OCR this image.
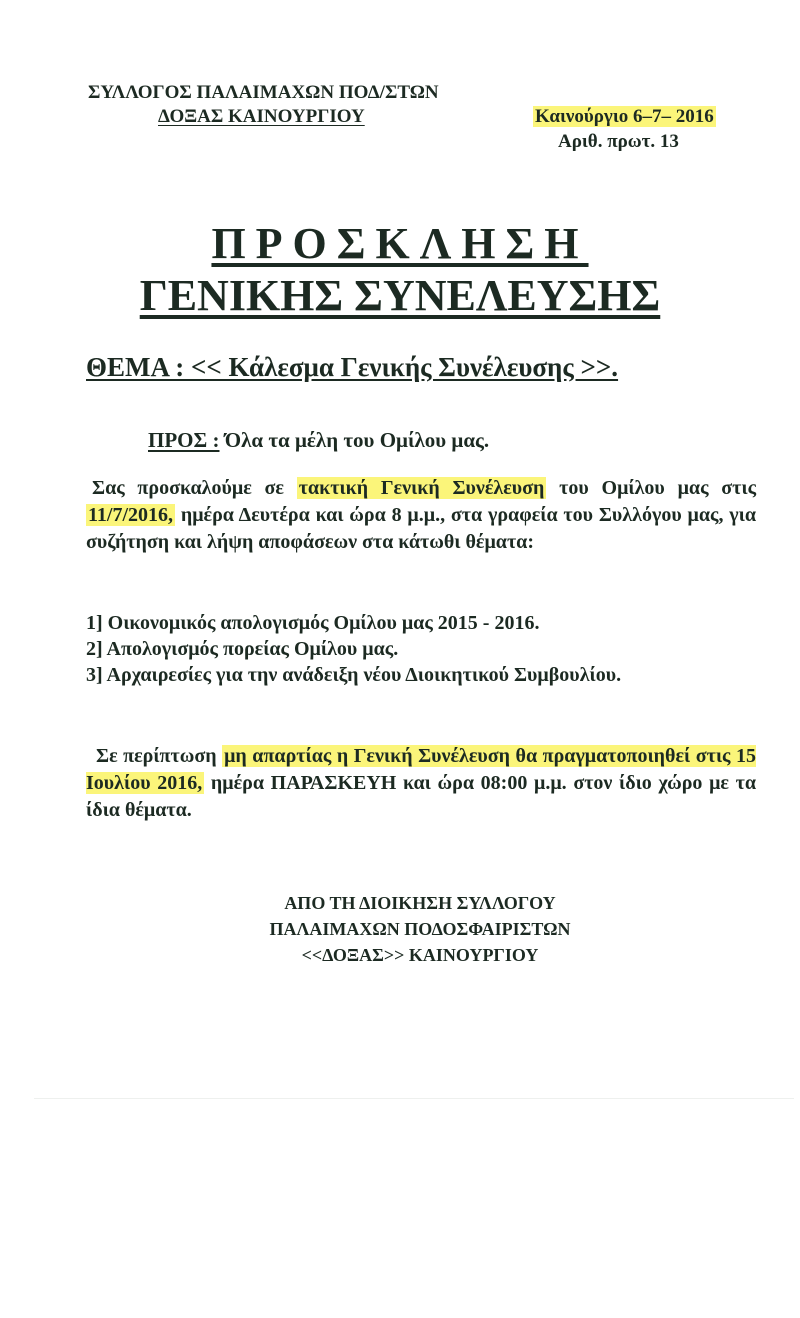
ΣΥΛΛΟΓΟΣ ΠΑΛΑΙΜΑΧΩΝ ΠΟΔ/ΣΤΩΝ
ΔΟΞΑΣ ΚΑΙΝΟΥΡΓΙΟΥ	Καινούργιο 6–7– 2016
Αριθ. πρωτ. 13
ΠΡΟΣΚΛΗΣΗ
ΓΕΝΙΚΗΣ ΣΥΝΕΛΕΥΣΗΣ
ΘΕΜΑ : << Κάλεσμα Γενικής Συνέλευσης >>.
ΠΡΟΣ : Όλα τα μέλη του Ομίλου μας.
Σας προσκαλούμε σε τακτική Γενική Συνέλευση του Ομίλου μας στις 11/7/2016, ημέρα Δευτέρα και ώρα 8 μ.μ., στα γραφεία του Συλλόγου μας, για συζήτηση και λήψη αποφάσεων στα κάτωθι θέματα:
1] Οικονομικός απολογισμός Ομίλου μας 2015 - 2016.
2] Απολογισμός πορείας Ομίλου μας.
3] Αρχαιρεσίες για την ανάδειξη νέου Διοικητικού Συμβουλίου.
Σε περίπτωση μη απαρτίας η Γενική Συνέλευση θα πραγματοποιηθεί στις 15 Ιουλίου 2016, ημέρα ΠΑΡΑΣΚΕΥΗ και ώρα 08:00 μ.μ. στον ίδιο χώρο με τα ίδια θέματα.
ΑΠΟ ΤΗ ΔΙΟΙΚΗΣΗ ΣΥΛΛΟΓΟΥ
ΠΑΛΑΙΜΑΧΩΝ ΠΟΔΟΣΦΑΙΡΙΣΤΩΝ
<<ΔΟΞΑΣ>> ΚΑΙΝΟΥΡΓΙΟΥ
